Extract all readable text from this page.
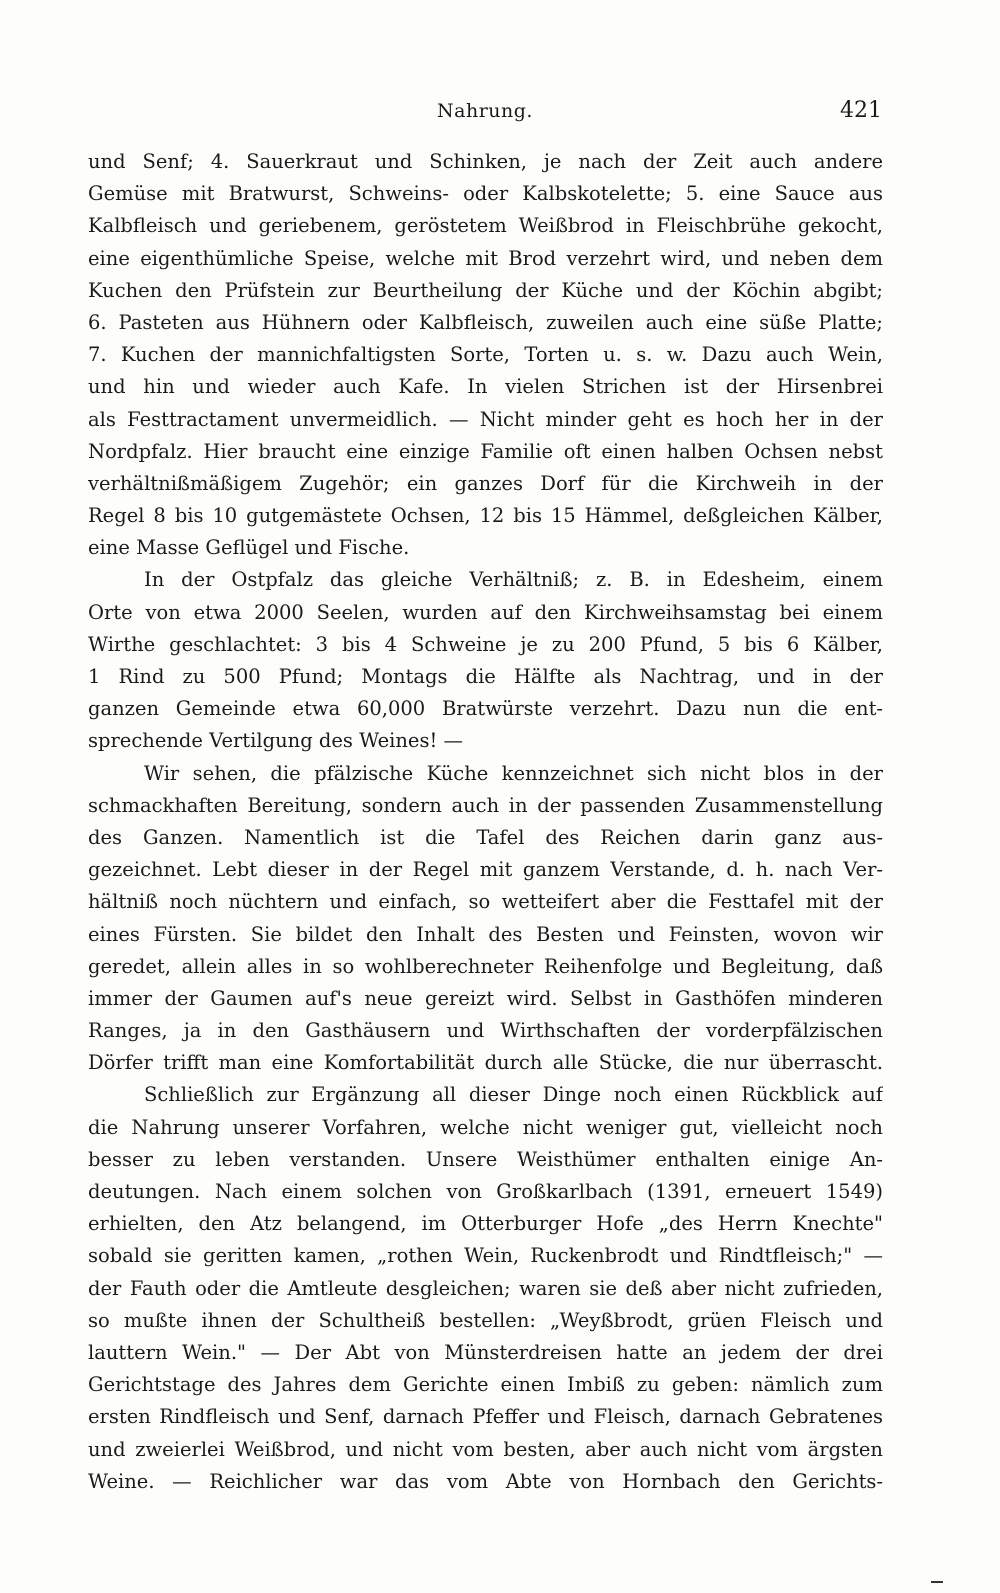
Nahrung.	421
und Senf; 4. Sauerkraut und Schinken, je nach der Zeit auch andere
Gemüse mit Bratwurst, Schweins- oder Kalbskotelette; 5. eine Sauce aus
Kalbfleisch und geriebenem, geröstetem Weißbrod in Fleischbrühe gekocht,
eine eigenthümliche Speise, welche mit Brod verzehrt wird, und neben dem
Kuchen den Prüfstein zur Beurtheilung der Küche und der Köchin abgibt;
6. Pasteten aus Hühnern oder Kalbfleisch, zuweilen auch eine süße Platte;
7. Kuchen der mannichfaltigsten Sorte, Torten u. s. w. Dazu auch Wein,
und hin und wieder auch Kafe. In vielen Strichen ist der Hirsenbrei
als Festtractament unvermeidlich. — Nicht minder geht es hoch her in der
Nordpfalz. Hier braucht eine einzige Familie oft einen halben Ochsen nebst
verhältnißmäßigem Zugehör; ein ganzes Dorf für die Kirchweih in der
Regel 8 bis 10 gutgemästete Ochsen, 12 bis 15 Hämmel, deßgleichen Kälber,
eine Masse Geflügel und Fische.
In der Ostpfalz das gleiche Verhältniß; z. B. in Edesheim, einem
Orte von etwa 2000 Seelen, wurden auf den Kirchweihsamstag bei einem
Wirthe geschlachtet: 3 bis 4 Schweine je zu 200 Pfund, 5 bis 6 Kälber,
1 Rind zu 500 Pfund; Montags die Hälfte als Nachtrag, und in der
ganzen Gemeinde etwa 60,000 Bratwürste verzehrt. Dazu nun die ent-
sprechende Vertilgung des Weines! —
Wir sehen, die pfälzische Küche kennzeichnet sich nicht blos in der
schmackhaften Bereitung, sondern auch in der passenden Zusammenstellung
des Ganzen. Namentlich ist die Tafel des Reichen darin ganz aus-
gezeichnet. Lebt dieser in der Regel mit ganzem Verstande, d. h. nach Ver-
hältniß noch nüchtern und einfach, so wetteifert aber die Festtafel mit der
eines Fürsten. Sie bildet den Inhalt des Besten und Feinsten, wovon wir
geredet, allein alles in so wohlberechneter Reihenfolge und Begleitung, daß
immer der Gaumen auf's neue gereizt wird. Selbst in Gasthöfen minderen
Ranges, ja in den Gasthäusern und Wirthschaften der vorderpfälzischen
Dörfer trifft man eine Komfortabilität durch alle Stücke, die nur überrascht.
Schließlich zur Ergänzung all dieser Dinge noch einen Rückblick auf
die Nahrung unserer Vorfahren, welche nicht weniger gut, vielleicht noch
besser zu leben verstanden. Unsere Weisthümer enthalten einige An-
deutungen. Nach einem solchen von Großkarlbach (1391, erneuert 1549)
erhielten, den Atz belangend, im Otterburger Hofe „des Herrn Knechte"
sobald sie geritten kamen, „rothen Wein, Ruckenbrodt und Rindtfleisch;" —
der Fauth oder die Amtleute desgleichen; waren sie deß aber nicht zufrieden,
so mußte ihnen der Schultheiß bestellen: „Weyßbrodt, grüen Fleisch und
lauttern Wein." — Der Abt von Münsterdreisen hatte an jedem der drei
Gerichtstage des Jahres dem Gerichte einen Imbiß zu geben: nämlich zum
ersten Rindfleisch und Senf, darnach Pfeffer und Fleisch, darnach Gebratenes
und zweierlei Weißbrod, und nicht vom besten, aber auch nicht vom ärgsten
Weine. — Reichlicher war das vom Abte von Hornbach den Gerichts-
